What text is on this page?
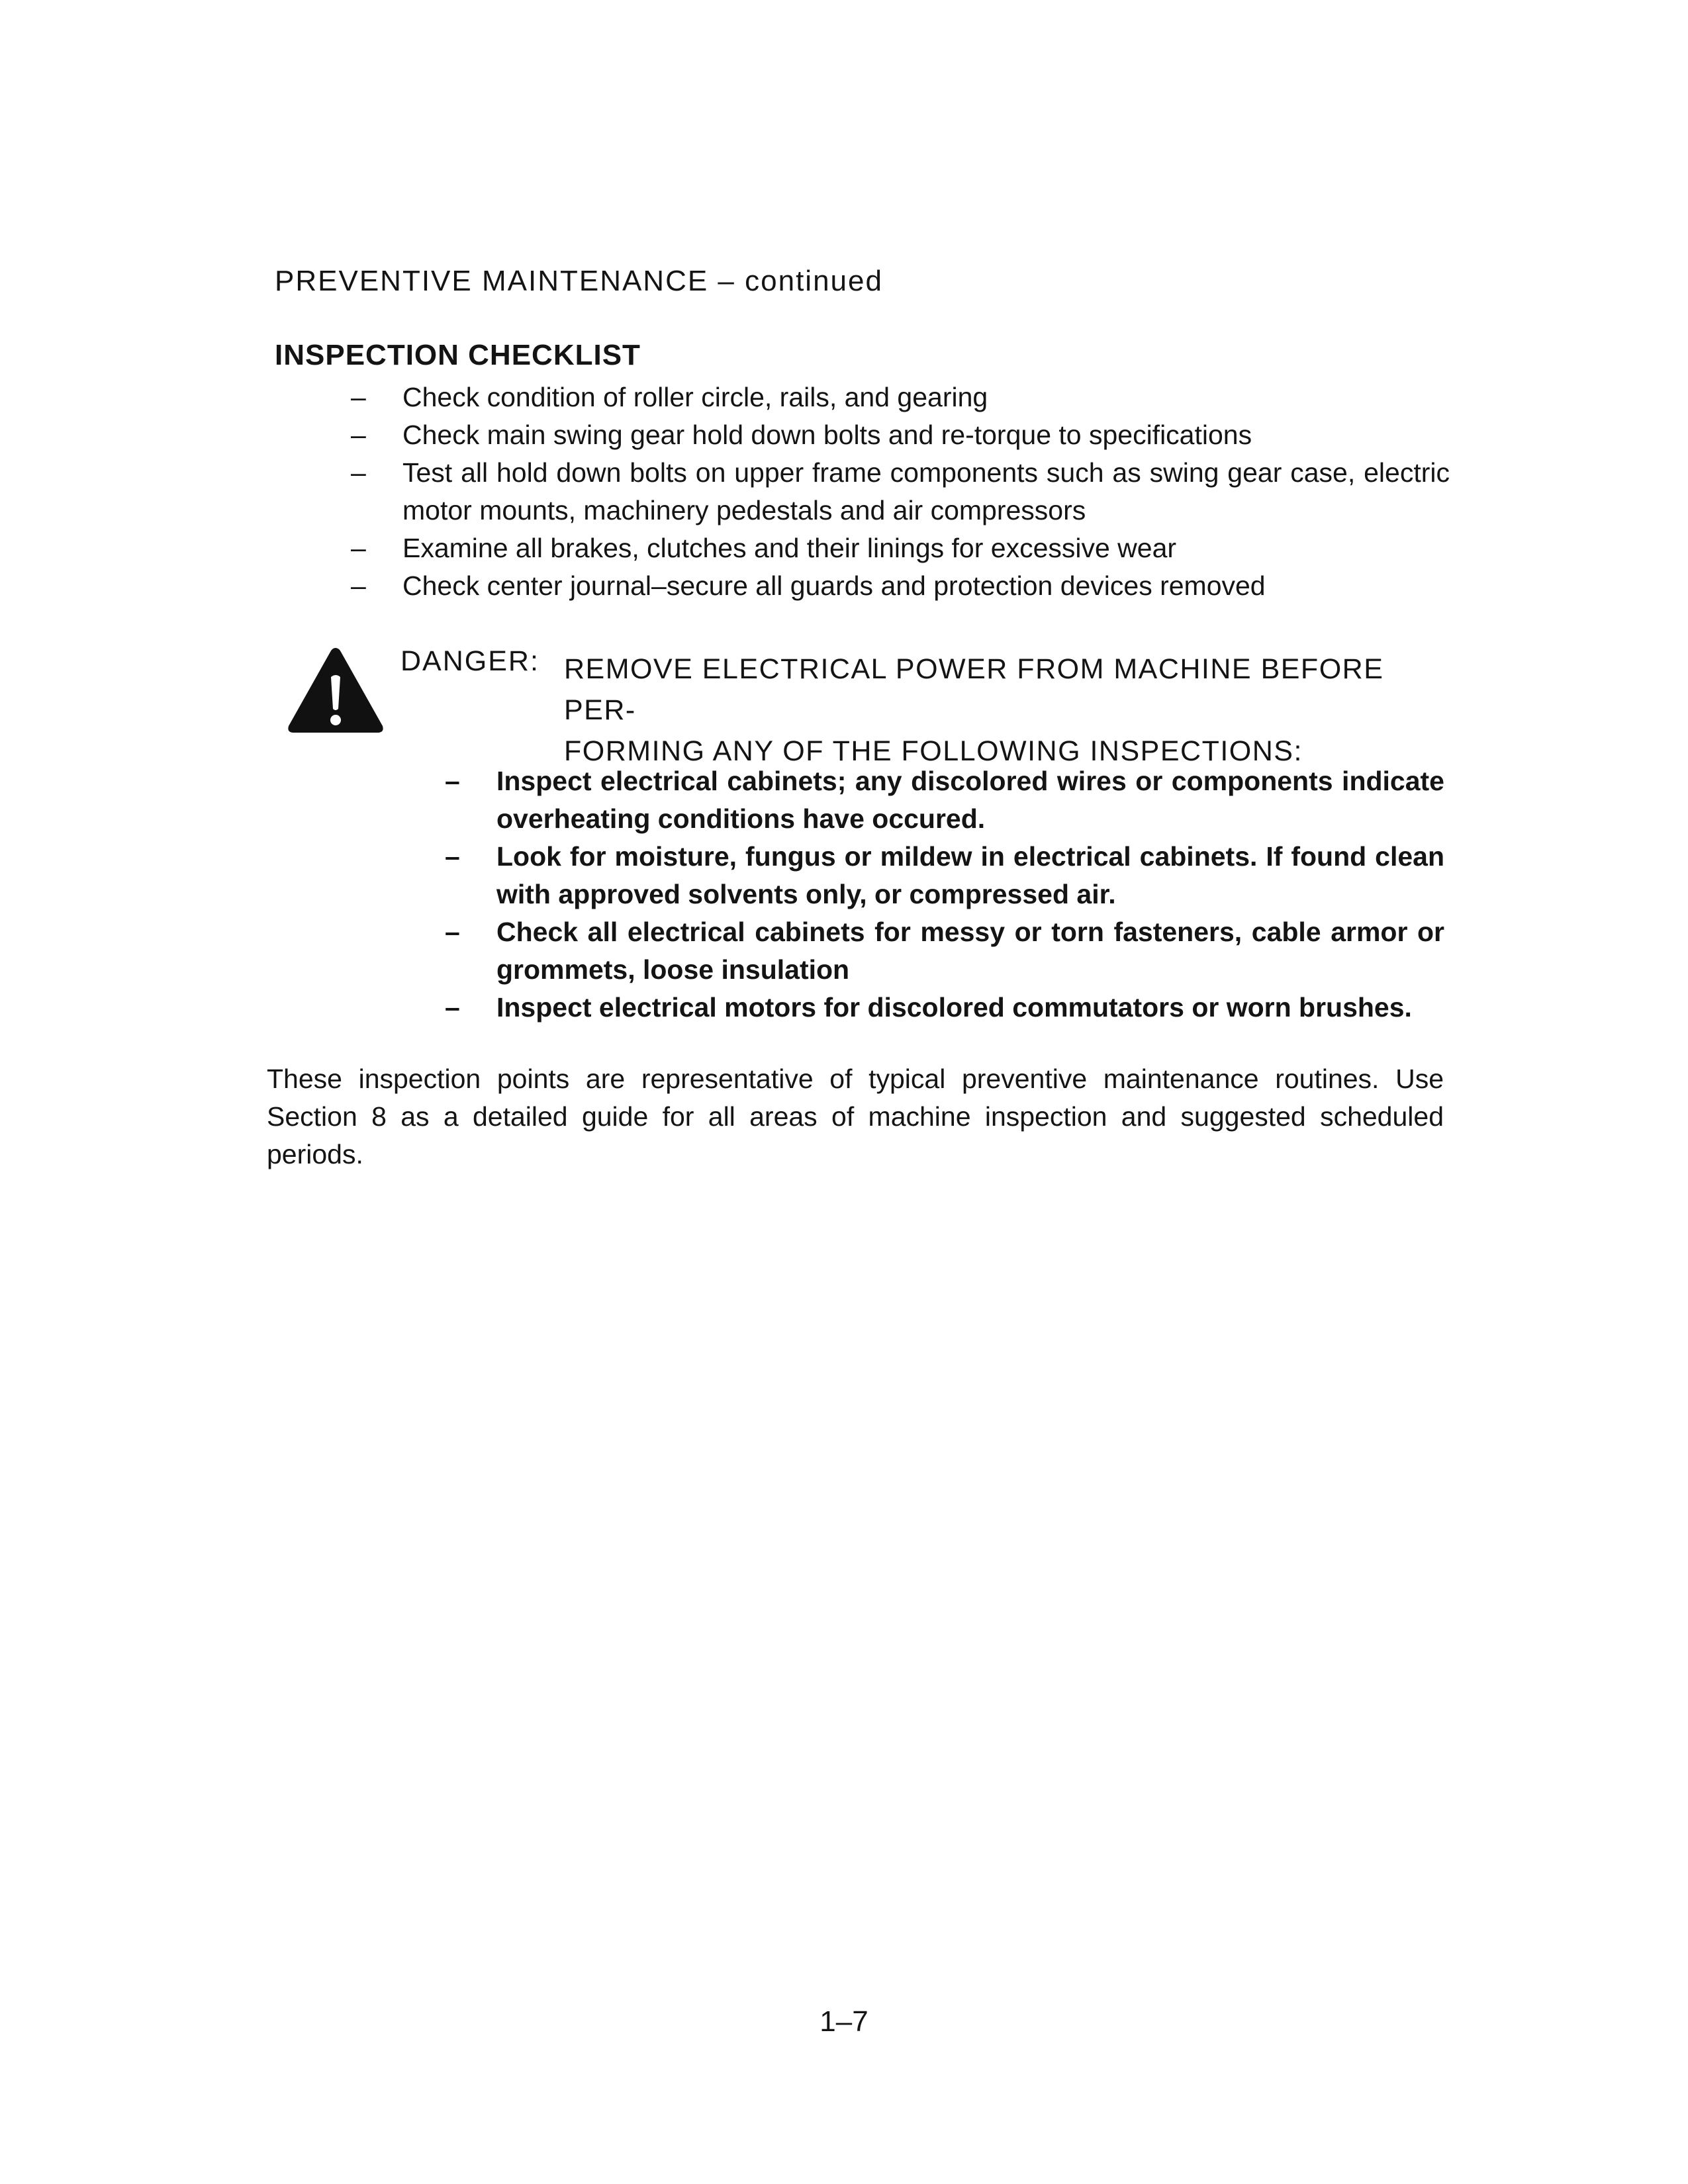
PREVENTIVE MAINTENANCE – continued
INSPECTION CHECKLIST
– Check condition of roller circle, rails, and gearing
– Check main swing gear hold down bolts and re-torque to specifications
– Test all hold down bolts on upper frame components such as swing gear case, electric motor mounts, machinery pedestals and air compressors
– Examine all brakes, clutches and their linings for excessive wear
– Check center journal–secure all guards and protection devices removed
DANGER: REMOVE ELECTRICAL POWER FROM MACHINE BEFORE PER-
FORMING ANY OF THE FOLLOWING INSPECTIONS:
– Inspect electrical cabinets; any discolored wires or components indicate overheating conditions have occured.
– Look for moisture, fungus or mildew in electrical cabinets. If found clean with approved solvents only, or compressed air.
– Check all electrical cabinets for messy or torn fasteners, cable armor or grommets, loose insulation
– Inspect electrical motors for discolored commutators or worn brushes.

These inspection points are representative of typical preventive maintenance routines. Use Section 8 as a detailed guide for all areas of machine inspection and suggested scheduled periods.

1–7
